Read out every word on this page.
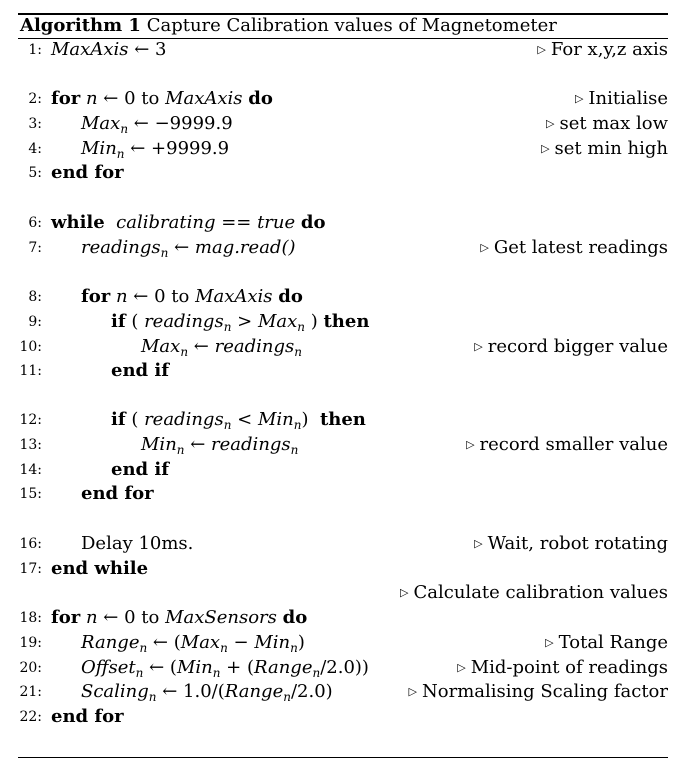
Algorithm 1 Capture Calibration values of Magnetometer
1: MaxAxis ← 3	▷ For x,y,z axis
2: for n ← 0 to MaxAxis do	▷ Initialise
3: Max$_n$ ← −9999.9	▷ set max low
4: Min$_n$ ← +9999.9	▷ set min high
5: end for
6: while calibrating == true do
7: readings$_n$ ← mag.read()	▷ Get latest readings
8: for n ← 0 to MaxAxis do
9:	if ( readings$_n$ > Max$_n$ ) then
10:	Max$_n$ ← readings$_n$	▷ record bigger value
11:	end if
12:	if ( readings$_n$ < Min$_n$)  then
13:	Min$_n$ ← readings$_n$	▷ record smaller value
14:	end if
15: end for
16: Delay 10ms.	▷ Wait, robot rotating
17: end while
▷ Calculate calibration values
18: for n ← 0 to MaxSensors do
19: Range$_n$ ← (Max$_n$ − Min$_n$)	▷ Total Range
20: Offset$_n$ ← (Min$_n$ + (Range$_n$/2.0))	▷ Mid-point of readings
21: Scaling$_n$ ← 1.0/(Range$_n$/2.0)	▷ Normalising Scaling factor
22: end for
